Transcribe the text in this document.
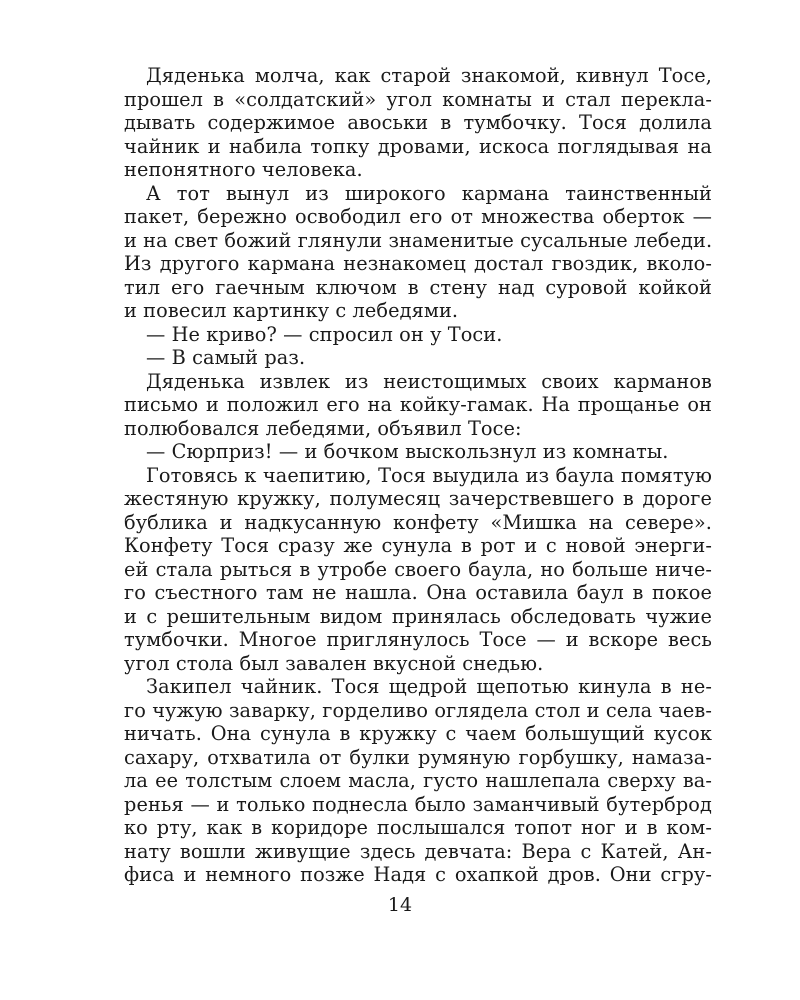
Дяденька молча, как старой знакомой, кивнул Тосе,
прошел в «солдатский» угол комнаты и стал перекла-
дывать содержимое авоськи в тумбочку. Тося долила
чайник и набила топку дровами, искоса поглядывая на
непонятного человека.
А тот вынул из широкого кармана таинственный
пакет, бережно освободил его от множества оберток —
и на свет божий глянули знаменитые сусальные лебеди.
Из другого кармана незнакомец достал гвоздик, вколо-
тил его гаечным ключом в стену над суровой койкой
и повесил картинку с лебедями.
— Не криво? — спросил он у Тоси.
— В самый раз.
Дяденька извлек из неистощимых своих карманов
письмо и положил его на койку-гамак. На прощанье он
полюбовался лебедями, объявил Тосе:
— Сюрприз! — и бочком выскользнул из комнаты.
Готовясь к чаепитию, Тося выудила из баула помятую
жестяную кружку, полумесяц зачерствевшего в дороге
бублика и надкусанную конфету «Мишка на севере».
Конфету Тося сразу же сунула в рот и с новой энерги-
ей стала рыться в утробе своего баула, но больше ниче-
го съестного там не нашла. Она оставила баул в покое
и с решительным видом принялась обследовать чужие
тумбочки. Многое приглянулось Тосе — и вскоре весь
угол стола был завален вкусной снедью.
Закипел чайник. Тося щедрой щепотью кинула в не-
го чужую заварку, горделиво оглядела стол и села чаев-
ничать. Она сунула в кружку с чаем большущий кусок
сахару, отхватила от булки румяную горбушку, намаза-
ла ее толстым слоем масла, густо нашлепала сверху ва-
ренья — и только поднесла было заманчивый бутерброд
ко рту, как в коридоре послышался топот ног и в ком-
нату вошли живущие здесь девчата: Вера с Катей, Ан-
фиса и немного позже Надя с охапкой дров. Они сгру-
14
